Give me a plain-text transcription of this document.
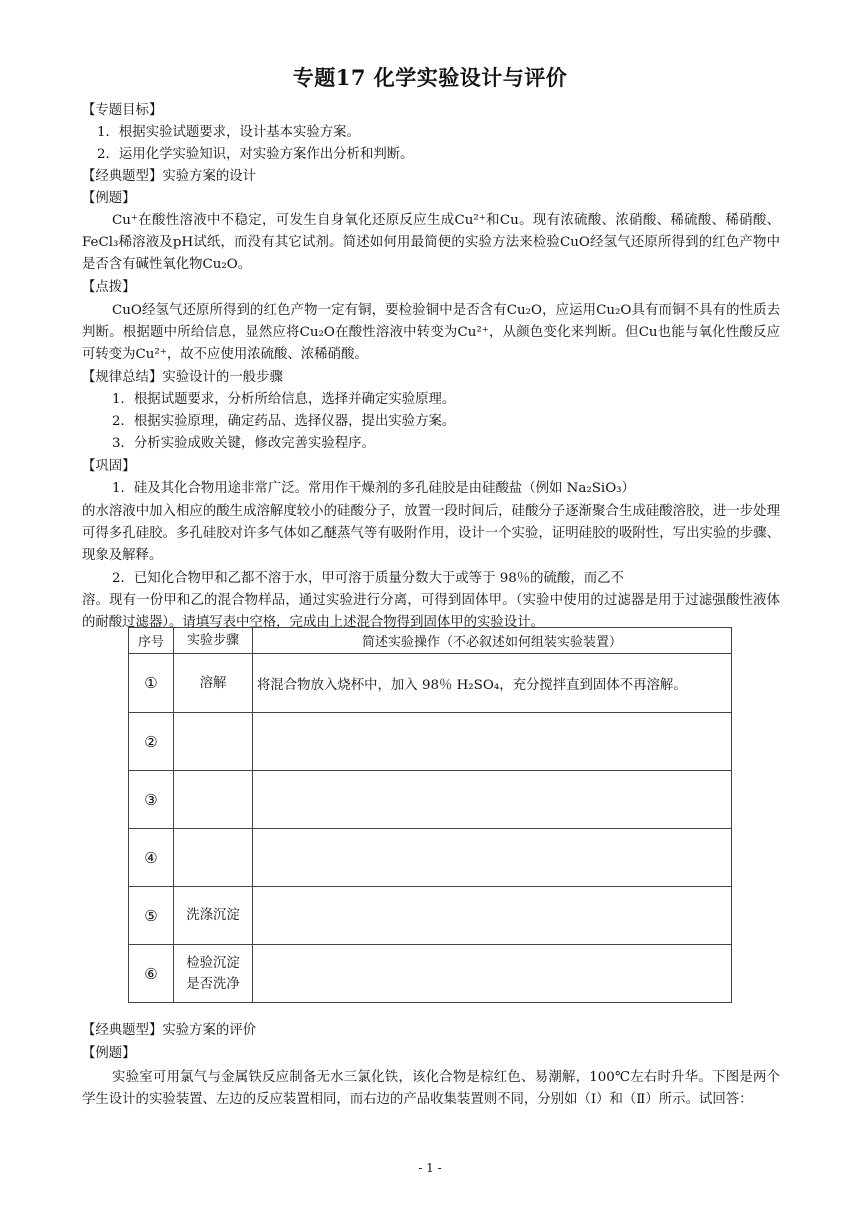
专题17 化学实验设计与评价
【专题目标】
1．根据实验试题要求，设计基本实验方案。
2．运用化学实验知识，对实验方案作出分析和判断。
【经典题型】实验方案的设计
【例题】
Cu⁺在酸性溶液中不稳定，可发生自身氧化还原反应生成Cu²⁺和Cu。现有浓硫酸、浓硝酸、稀硫酸、稀硝酸、FeCl₃稀溶液及pH试纸，而没有其它试剂。简述如何用最简便的实验方法来检验CuO经氢气还原所得到的红色产物中是否含有碱性氧化物Cu₂O。
【点拨】
CuO经氢气还原所得到的红色产物一定有铜，要检验铜中是否含有Cu₂O，应运用Cu₂O具有而铜不具有的性质去判断。根据题中所给信息，显然应将Cu₂O在酸性溶液中转变为Cu²⁺，从颜色变化来判断。但Cu也能与氧化性酸反应可转变为Cu²⁺，故不应使用浓硫酸、浓稀硝酸。
【规律总结】实验设计的一般步骤
1．根据试题要求，分析所给信息，选择并确定实验原理。
2．根据实验原理，确定药品、选择仪器，提出实验方案。
3．分析实验成败关键，修改完善实验程序。
【巩固】
1．硅及其化合物用途非常广泛。常用作干燥剂的多孔硅胶是由硅酸盐（例如 Na₂SiO₃）
的水溶液中加入相应的酸生成溶解度较小的硅酸分子，放置一段时间后，硅酸分子逐渐聚合生成硅酸溶胶，进一步处理可得多孔硅胶。多孔硅胶对许多气体如乙醚蒸气等有吸附作用，设计一个实验，证明硅胶的吸附性，写出实验的步骤、现象及解释。
2．已知化合物甲和乙都不溶于水，甲可溶于质量分数大于或等于 98％的硫酸，而乙不
溶。现有一份甲和乙的混合物样品，通过实验进行分离，可得到固体甲。（实验中使用的过滤器是用于过滤强酸性液体的耐酸过滤器）。请填写表中空格，完成由上述混合物得到固体甲的实验设计。
序号	实验步骤	简述实验操作（不必叙述如何组装实验装置）
①	溶解	将混合物放入烧杯中，加入 98％ H₂SO₄，充分搅拌直到固体不再溶解。
②		
③		
④		
⑤	洗涤沉淀	
⑥	检验沉淀
是否洗净	
【经典题型】实验方案的评价
【例题】
实验室可用氯气与金属铁反应制备无水三氯化铁，该化合物是棕红色、易潮解，100℃左右时升华。下图是两个学生设计的实验装置、左边的反应装置相同，而右边的产品收集装置则不同，分别如（Ⅰ）和（Ⅱ）所示。试回答：
- 1 -
